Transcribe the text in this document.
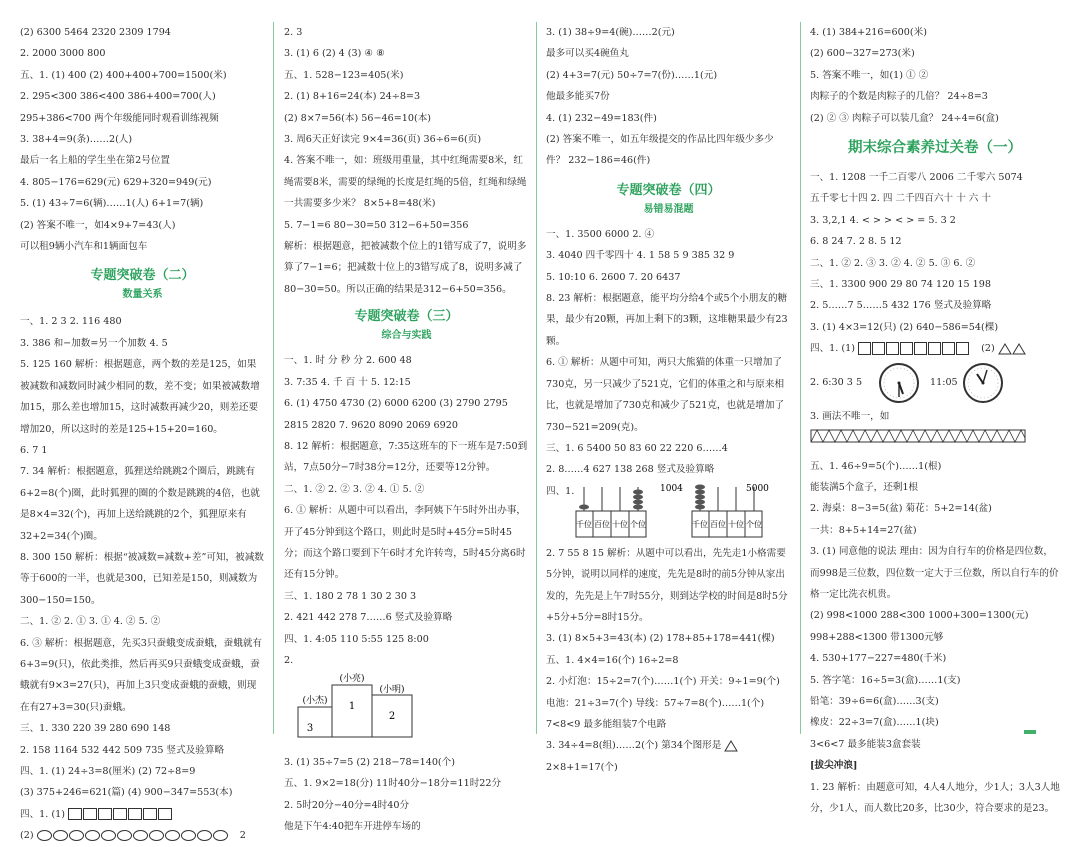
(2) 6300 5464 2320 2309 1794
2. 2000 3000 800
五、1. (1) 400 (2) 400+400+700=1500(米)
2. 295<300 386<400 386+400=700(人)
295+386<700 两个年级能同时观看训练视频
3. 38+4=9(条)……2(人)
最后一名上船的学生坐在第2号位置
4. 805−176=629(元) 629+320=949(元)
5. (1) 43÷7=6(辆)……1(人) 6+1=7(辆)
(2) 答案不唯一，如4×9+7=43(人)
可以租9辆小汽车和1辆面包车
专题突破卷（二）
数量关系
一、1. 2 3 2. 116 480
3. 386 和−加数=另一个加数 4. 5
5. 125 160 解析：根据题意，两个数的差是125，如果被减数和减数同时减少相同的数，差不变；如果被减数增加15，那么差也增加15，这时减数再减少20，则差还要增加20，所以这时的差是125+15+20=160。
6. 7 1
7. 34 解析：根据题意，狐狸送给跳跳2个圈后，跳跳有6+2=8(个)圈，此时狐狸的圈的个数是跳跳的4倍，也就是8×4=32(个)，再加上送给跳跳的2个，狐狸原来有32+2=34(个)圈。
8. 300 150 解析：根据“被减数=减数+差”可知，被减数等于600的一半，也就是300，已知差是150，则减数为300−150=150。
二、1. ② 2. ① 3. ① 4. ② 5. ②
6. ③ 解析：根据题意，先买3只蚕蛾变成蚕蛾，蚕蛾就有6+3=9(只)，依此类推，然后再买9只蚕蛾变成蚕蛾，蚕蛾就有9×3=27(只)，再加上3只变成蚕蛾的蚕蛾，则现在有27+3=30(只)蚕蛾。
三、1. 330 220 39 280 690 148
2. 158 1164 532 442 509 735 竖式及验算略
四、1. (1) 24÷3=8(厘米) (2) 72÷8=9
(3) 375+246=621(篇) (4) 900−347=553(本)
四、1. (1)
(2)	2
2. 3
3. (1) 6 (2) 4 (3) ④ ⑧
五、1. 528−123=405(米)
2. (1) 8+16=24(本) 24÷8=3
(2) 8×7=56(本) 56−46=10(本)
3. 周6天正好读完 9×4=36(页) 36÷6=6(页)
4. 答案不唯一，如：班级用重量，其中红绳需要8米，红绳需要8米，需要的绿绳的长度是红绳的5倍，红绳和绿绳一共需要多少米？ 8×5+8=48(米)
5. 7−1=6 80−30=50 312−6+50=356
解析：根据题意，把被减数个位上的1错写成了7，说明多算了7−1=6；把减数十位上的3错写成了8，说明多减了80−30=50。所以正确的结果是312−6+50=356。
专题突破卷（三）
综合与实践
一、1. 时 分 秒 分 2. 600 48
3. 7:35 4. 千 百 十 5. 12:15
6. (1) 4750 4730 (2) 6000 6200 (3) 2790 2795
2815 2820 7. 9620 8090 2069 6920
8. 12 解析：根据题意，7:35这班车的下一班车是7:50到站，7点50分−7时38分=12分，还要等12分钟。
二、1. ② 2. ② 3. ② 4. ① 5. ②
6. ① 解析：从题中可以看出，李阿姨下午5时外出办事，开了45分钟到这个路口，则此时是5时+45分=5时45分；而这个路口要到下午6时才允许转弯，5时45分离6时还有15分钟。
三、1. 180 2 78 1 30 2 30 3
2. 421 442 278 7……6 竖式及验算略
四、1. 4:05 110 5:55 125 8:00
2.
(小亮)
(小明)
(小杰) 1
2
3
3. (1) 35÷7=5 (2) 218−78=140(个)
五、1. 9×2=18(分) 11时40分−18分=11时22分
2. 5时20分−40分=4时40分
他是下午4:40把车开进停车场的
3. (1) 38÷9=4(碗)……2(元)
最多可以买4碗鱼丸
(2) 4+3=7(元) 50÷7=7(份)……1(元)
他最多能买7份
4. (1) 232−49=183(件)
(2) 答案不唯一，如五年级提交的作品比四年级少多少件？ 232−186=46(件)
专题突破卷（四）
易错易混题
一、1. 3500 6000 2. ④
3. 4040 四千零四十 4. 1 58 5 9 385 32 9
5. 10:10 6. 2600 7. 20 6437
8. 23 解析：根据题意，能平均分给4个或5个小朋友的糖果，最少有20颗，再加上剩下的3颗，这堆糖果最少有23颗。
6. ① 解析：从题中可知，两只大熊猫的体重一只增加了730克，另一只减少了521克，它们的体重之和与原来相比，也就是增加了730克和减少了521克，也就是增加了730−521=209(克)。
三、1. 6 5400 50 83 60 22 220 6……4
2. 8……4 627 138 268 竖式及验算略
四、1.
千位 百位 十位 个位
1004
千位 百位 十位 个位
5000
2. 7 55 8 15 解析：从题中可以看出，先先走1小格需要5分钟，说明以同样的速度，先先是8时的前5分钟从家出发的，先先是上午7时55分，则到达学校的时间是8时5分+5分+5分=8时15分。
3. (1) 8×5+3=43(本) (2) 178+85+178=441(棵)
五、1. 4×4=16(个) 16÷2=8
2. 小灯泡：15÷2=7(个)……1(个) 开关：9÷1=9(个)
电池：21÷3=7(个) 导线：57÷7=8(个)……1(个)
7<8<9 最多能组装7个电路
3. 34÷4=8(组)……2(个) 第34个图形是
2×8+1=17(个)
4. (1) 384+216=600(米)
(2) 600−327=273(米)
5. 答案不唯一，如(1) ① ②
肉粽子的个数是肉粽子的几倍？ 24÷8=3
(2) ② ③ 肉粽子可以装几盒？ 24÷4=6(盒)
期末综合素养过关卷（一）
一、1. 1208 一千二百零八 2006 二千零六 5074
五千零七十四 2. 四 二千四百六十 十 六 十
3. 3,2,1 4. < > > < > = 5. 3 2
6. 8 24 7. 2 8. 5 12
二、1. ② 2. ③ 3. ② 4. ② 5. ③ 6. ②
三、1. 3300 900 29 80 74 120 15 198
2. 5……7 5……5 432 176 竖式及验算略
3. (1) 4×3=12(只) (2) 640−586=54(棵)
四、1. (1)	(2)
2. 6:30 3 5	11:05
3. 画法不唯一，如
五、1. 46÷9=5(个)……1(根)
能装满5个盒子，还剩1根
2. 海桌：8−3=5(盆) 菊花：5+2=14(盆)
一共：8+5+14=27(盆)
3. (1) 同意他的说法 理由：因为自行车的价格是四位数，而998是三位数，四位数一定大于三位数，所以自行车的价格一定比洗衣机贵。
(2) 998<1000 288<300 1000+300=1300(元)
998+288<1300 带1300元够
4. 530+177−227=480(千米)
5. 答字笔：16÷5=3(盒)……1(支)
铅笔：39÷6=6(盒)……3(支)
橡皮：22÷3=7(盒)……1(块)
3<6<7 最多能装3盒套装
[拔尖冲浪]
1. 23 解析：由题意可知，4人4人地分，少1人；3人3人地分，少1人，而人数比20多，比30少，符合要求的是23。
